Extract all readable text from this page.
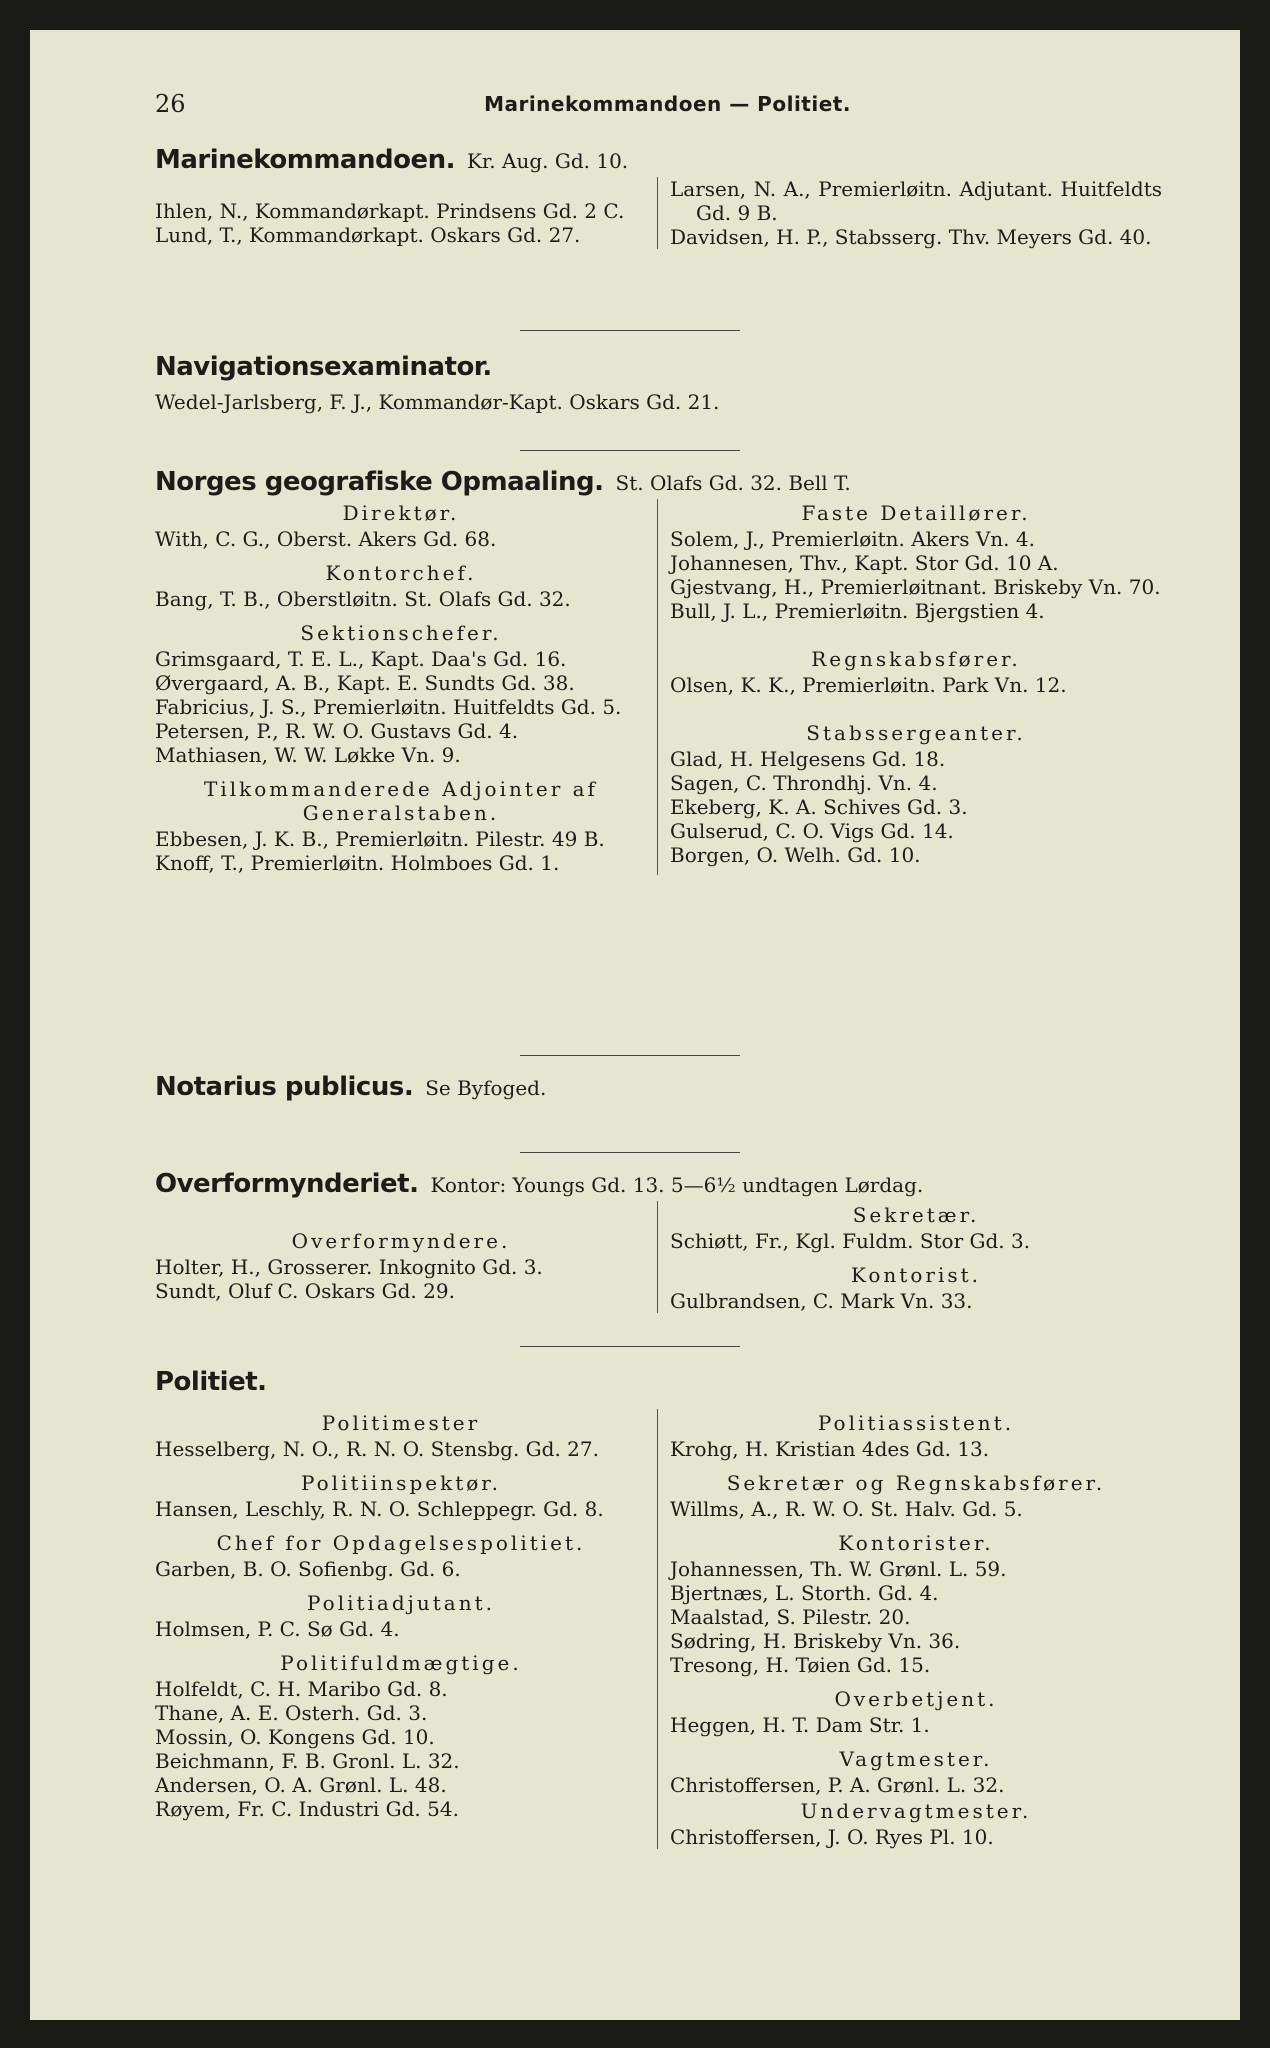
26	Marinekommandoen — Politiet.
Marinekommandoen. Kr. Aug. Gd. 10.

Ihlen, N., Kommandørkapt. Prindsens Gd. 2 C.

Lund, T., Kommandørkapt. Oskars Gd. 27.

Larsen, N. A., Premierløitn. Adjutant. Huitfeldts Gd. 9 B.

Davidsen, H. P., Stabsserg. Thv. Meyers Gd. 40.

Navigationsexaminator.

Wedel-Jarlsberg, F. J., Kommandør-Kapt. Oskars Gd. 21.

Norges geografiske Opmaaling. St. Olafs Gd. 32. Bell T.
Direktør.

With, C. G., Oberst. Akers Gd. 68.

Kontorchef.

Bang, T. B., Oberstløitn. St. Olafs Gd. 32.

Sektionschefer.

Grimsgaard, T. E. L., Kapt. Daa's Gd. 16.

Øvergaard, A. B., Kapt. E. Sundts Gd. 38.

Fabricius, J. S., Premierløitn. Huitfeldts Gd. 5.

Petersen, P., R. W. O. Gustavs Gd. 4.

Mathiasen, W. W. Løkke Vn. 9.

Tilkommanderede Adjointer af Generalstaben.

Ebbesen, J. K. B., Premierløitn. Pilestr. 49 B.

Knoff, T., Premierløitn. Holmboes Gd. 1.

Faste Detaillører.

Solem, J., Premierløitn. Akers Vn. 4.

Johannesen, Thv., Kapt. Stor Gd. 10 A.

Gjestvang, H., Premierløitnant. Briskeby Vn. 70.

Bull, J. L., Premierløitn. Bjergstien 4.

Regnskabsfører.

Olsen, K. K., Premierløitn. Park Vn. 12.

Stabssergeanter.

Glad, H. Helgesens Gd. 18.

Sagen, C. Throndhj. Vn. 4.

Ekeberg, K. A. Schives Gd. 3.

Gulserud, C. O. Vigs Gd. 14.

Borgen, O. Welh. Gd. 10.

Notarius publicus. Se Byfoged.
Overformynderiet. Kontor: Youngs Gd. 13. 5—6½ undtagen Lørdag.
Overformyndere.

Holter, H., Grosserer. Inkognito Gd. 3.

Sundt, Oluf C. Oskars Gd. 29.

Sekretær.

Schiøtt, Fr., Kgl. Fuldm. Stor Gd. 3.

Kontorist.

Gulbrandsen, C. Mark Vn. 33.

Politiet.
Politimester

Hesselberg, N. O., R. N. O. Stensbg. Gd. 27.

Politiinspektør.

Hansen, Leschly, R. N. O. Schleppegr. Gd. 8.

Chef for Opdagelsespolitiet.

Garben, B. O. Sofienbg. Gd. 6.

Politiadjutant.

Holmsen, P. C. Sø Gd. 4.

Politifuldmægtige.

Holfeldt, C. H. Maribo Gd. 8.

Thane, A. E. Osterh. Gd. 3.

Mossin, O. Kongens Gd. 10.

Beichmann, F. B. Gronl. L. 32.

Andersen, O. A. Grønl. L. 48.

Røyem, Fr. C. Industri Gd. 54.

Politiassistent.

Krohg, H. Kristian 4des Gd. 13.

Sekretær og Regnskabsfører.

Willms, A., R. W. O. St. Halv. Gd. 5.

Kontorister.

Johannessen, Th. W. Grønl. L. 59.

Bjertnæs, L. Storth. Gd. 4.

Maalstad, S. Pilestr. 20.

Sødring, H. Briskeby Vn. 36.

Tresong, H. Tøien Gd. 15.

Overbetjent.

Heggen, H. T. Dam Str. 1.

Vagtmester.

Christoffersen, P. A. Grønl. L. 32.

Undervagtmester.

Christoffersen, J. O. Ryes Pl. 10.
